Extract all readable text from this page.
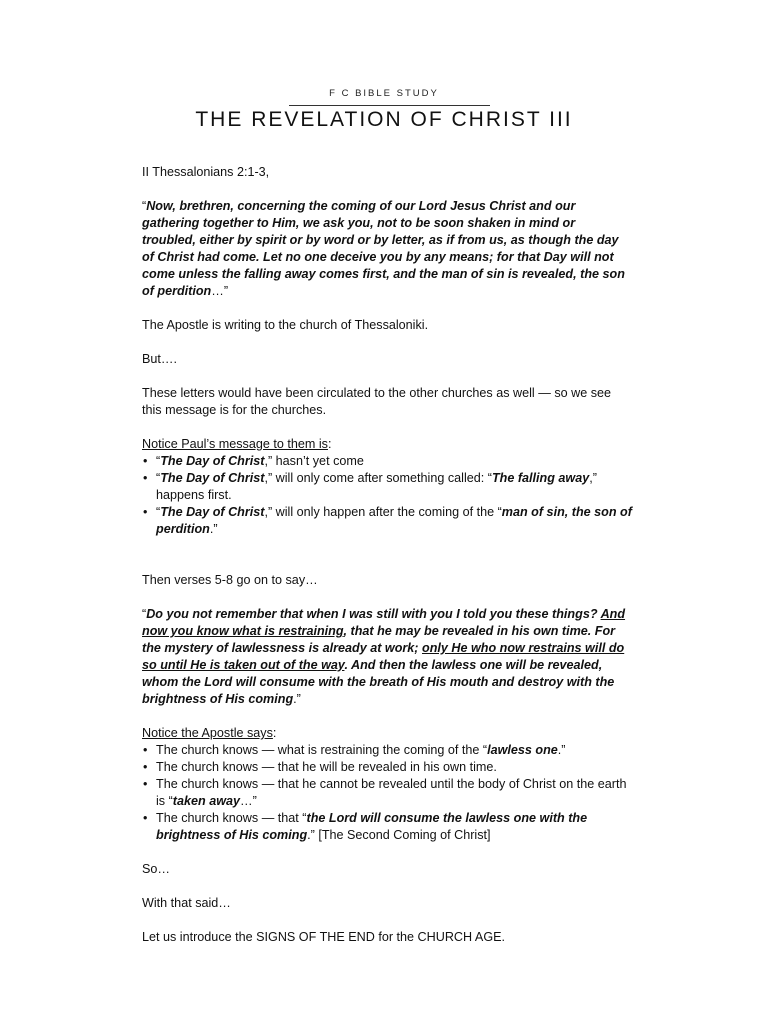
F C BIBLE STUDY
THE REVELATION OF CHRIST III

II Thessalonians 2:1-3,

“Now, brethren, concerning the coming of our Lord Jesus Christ and our gathering together to Him, we ask you, not to be soon shaken in mind or troubled, either by spirit or by word or by letter, as if from us, as though the day of Christ had come. Let no one deceive you by any means; for that Day will not come unless the falling away comes first, and the man of sin is revealed, the son of perdition…”

The Apostle is writing to the church of Thessaloniki.

But….

These letters would have been circulated to the other churches as well — so we see this message is for the churches.

Notice Paul’s message to them is:

• “The Day of Christ,” hasn’t yet come
• “The Day of Christ,” will only come after something called: “The falling away,” happens first.
• “The Day of Christ,” will only happen after the coming of the “man of sin, the son of perdition.”

Then verses 5-8 go on to say…

“Do you not remember that when I was still with you I told you these things? And now you know what is restraining, that he may be revealed in his own time. For the mystery of lawlessness is already at work; only He who now restrains will do so until He is taken out of the way. And then the lawless one will be revealed, whom the Lord will consume with the breath of His mouth and destroy with the brightness of His coming.”

Notice the Apostle says:

• The church knows — what is restraining the coming of the “lawless one.”
• The church knows — that he will be revealed in his own time.
• The church knows — that he cannot be revealed until the body of Christ on the earth is “taken away…”
• The church knows — that “the Lord will consume the lawless one with the brightness of His coming.” [The Second Coming of Christ]

So…

With that said…

Let us introduce the SIGNS OF THE END for the CHURCH AGE.
